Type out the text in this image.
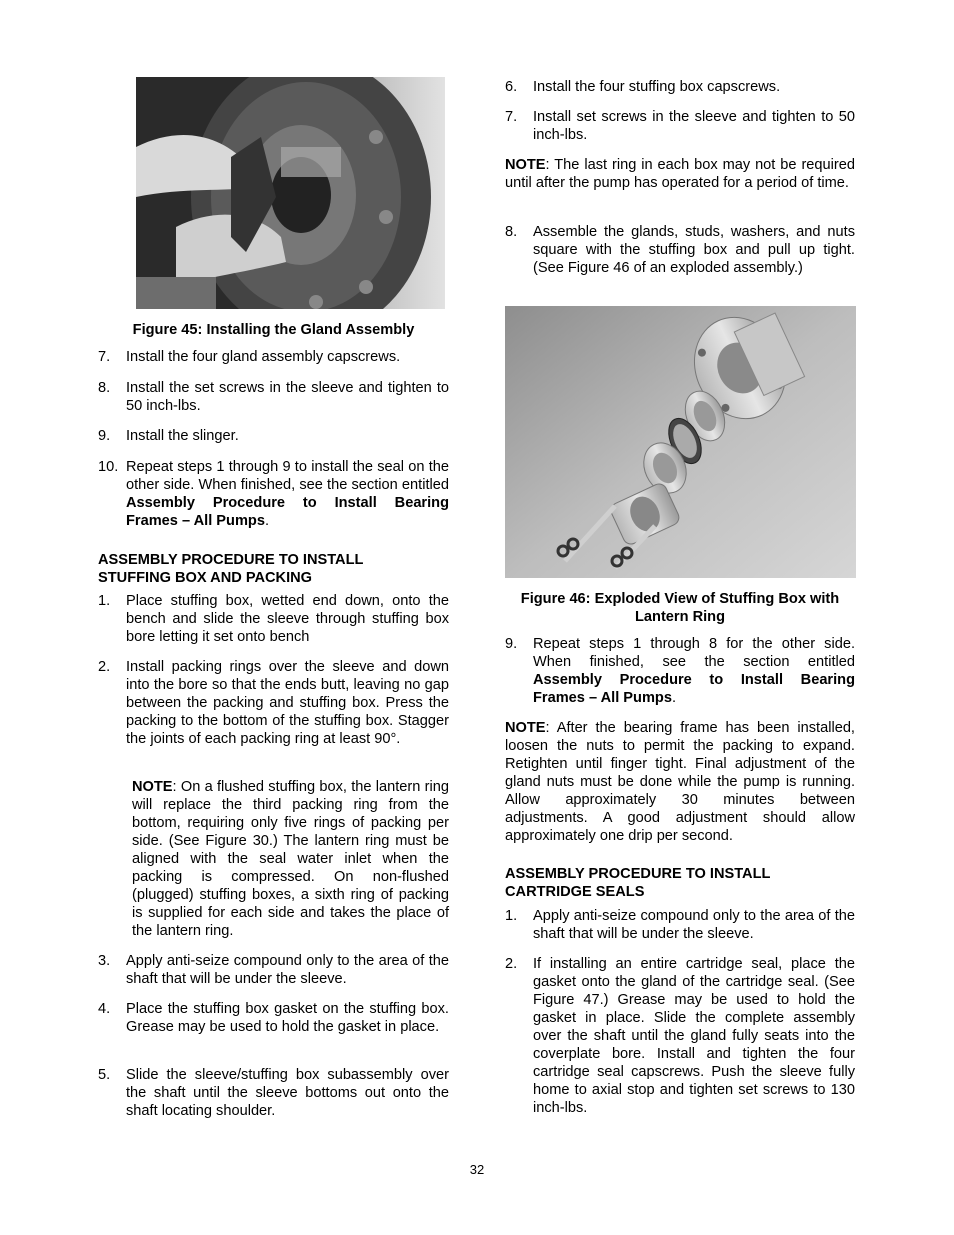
Figure 45: Installing the Gland Assembly
7.	Install the four gland assembly capscrews.
8.	Install the set screws in the sleeve and tighten to 50 inch-lbs.
9.	Install the slinger.
10. Repeat steps 1 through 9 to install the seal on the other side. When finished, see the section entitled Assembly Procedure to Install Bearing Frames – All Pumps.
ASSEMBLY PROCEDURE TO INSTALL
STUFFING BOX AND PACKING
1.	Place stuffing box, wetted end down, onto the bench and slide the sleeve through stuffing box bore letting it set onto bench
2.	Install packing rings over the sleeve and down into the bore so that the ends butt, leaving no gap between the packing and stuffing box. Press the packing to the bottom of the stuffing box. Stagger the joints of each packing ring at least 90°.
NOTE: On a flushed stuffing box, the lantern ring will replace the third packing ring from the bottom, requiring only five rings of packing per side. (See Figure 30.) The lantern ring must be aligned with the seal water inlet when the packing is compressed. On non-flushed (plugged) stuffing boxes, a sixth ring of packing is supplied for each side and takes the place of the lantern ring.
3.	Apply anti-seize compound only to the area of the shaft that will be under the sleeve.
4.	Place the stuffing box gasket on the stuffing box. Grease may be used to hold the gasket in place.
5.	Slide the sleeve/stuffing box subassembly over the shaft until the sleeve bottoms out onto the shaft locating shoulder.
6.	Install the four stuffing box capscrews.
7.	Install set screws in the sleeve and tighten to 50 inch-lbs.
NOTE: The last ring in each box may not be required until after the pump has operated for a period of time.
8.	Assemble the glands, studs, washers, and nuts square with the stuffing box and pull up tight. (See Figure 46 of an exploded assembly.)
Figure 46: Exploded View of Stuffing Box with
Lantern Ring
9.	Repeat steps 1 through 8 for the other side. When finished, see the section entitled Assembly Procedure to Install Bearing Frames – All Pumps.
NOTE: After the bearing frame has been installed, loosen the nuts to permit the packing to expand. Retighten until finger tight. Final adjustment of the gland nuts must be done while the pump is running. Allow approximately 30 minutes between adjustments. A good adjustment should allow approximately one drip per second.
ASSEMBLY PROCEDURE TO INSTALL
CARTRIDGE SEALS
1.	Apply anti-seize compound only to the area of the shaft that will be under the sleeve.
2.	If installing an entire cartridge seal, place the gasket onto the gland of the cartridge seal. (See Figure 47.) Grease may be used to hold the gasket in place. Slide the complete assembly over the shaft until the gland fully seats into the coverplate bore. Install and tighten the four cartridge seal capscrews. Push the sleeve fully home to axial stop and tighten set screws to 130 inch-lbs.
32
